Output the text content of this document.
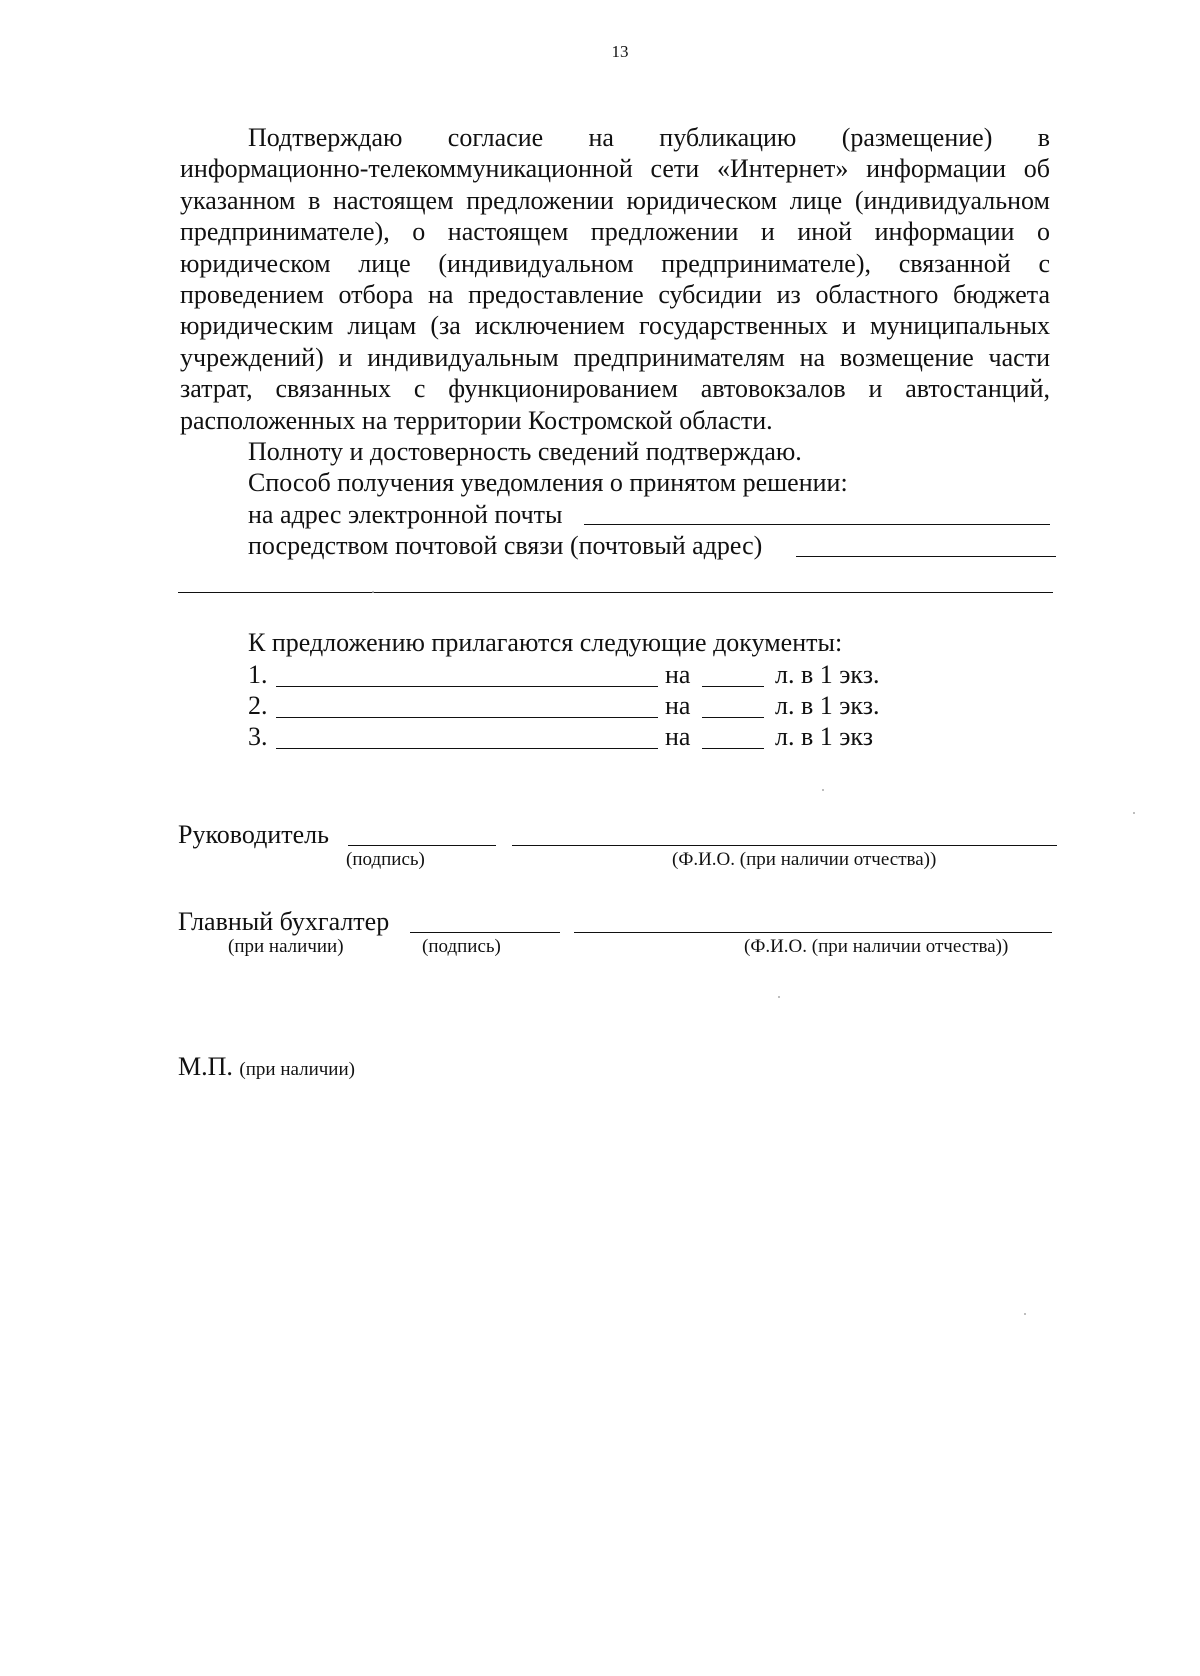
13
Подтверждаю согласие на публикацию (размещение) в информационно-телекоммуникационной сети «Интернет» информации об указанном в настоящем предложении юридическом лице (индивидуальном предпринимателе), о настоящем предложении и иной информации о юридическом лице (индивидуальном предпринимателе), связанной с проведением отбора на предоставление субсидии из областного бюджета юридическим лицам (за исключением государственных и муниципальных учреждений) и индивидуальным предпринимателям на возмещение части затрат, связанных с функционированием автовокзалов и автостанций, расположенных на территории Костромской области.
Полноту и достоверность сведений подтверждаю.
Способ получения уведомления о принятом решении:
на адрес электронной почты
посредством почтовой связи (почтовый адрес)
К предложению прилагаются следующие документы:
1.	на	л. в 1 экз.
2.	на	л. в 1 экз.
3.	на	л. в 1 экз
Руководитель
(подпись)	(Ф.И.О. (при наличии отчества))
Главный бухгалтер
(при наличии)	(подпись)	(Ф.И.О. (при наличии отчества))
М.П. (при наличии)
